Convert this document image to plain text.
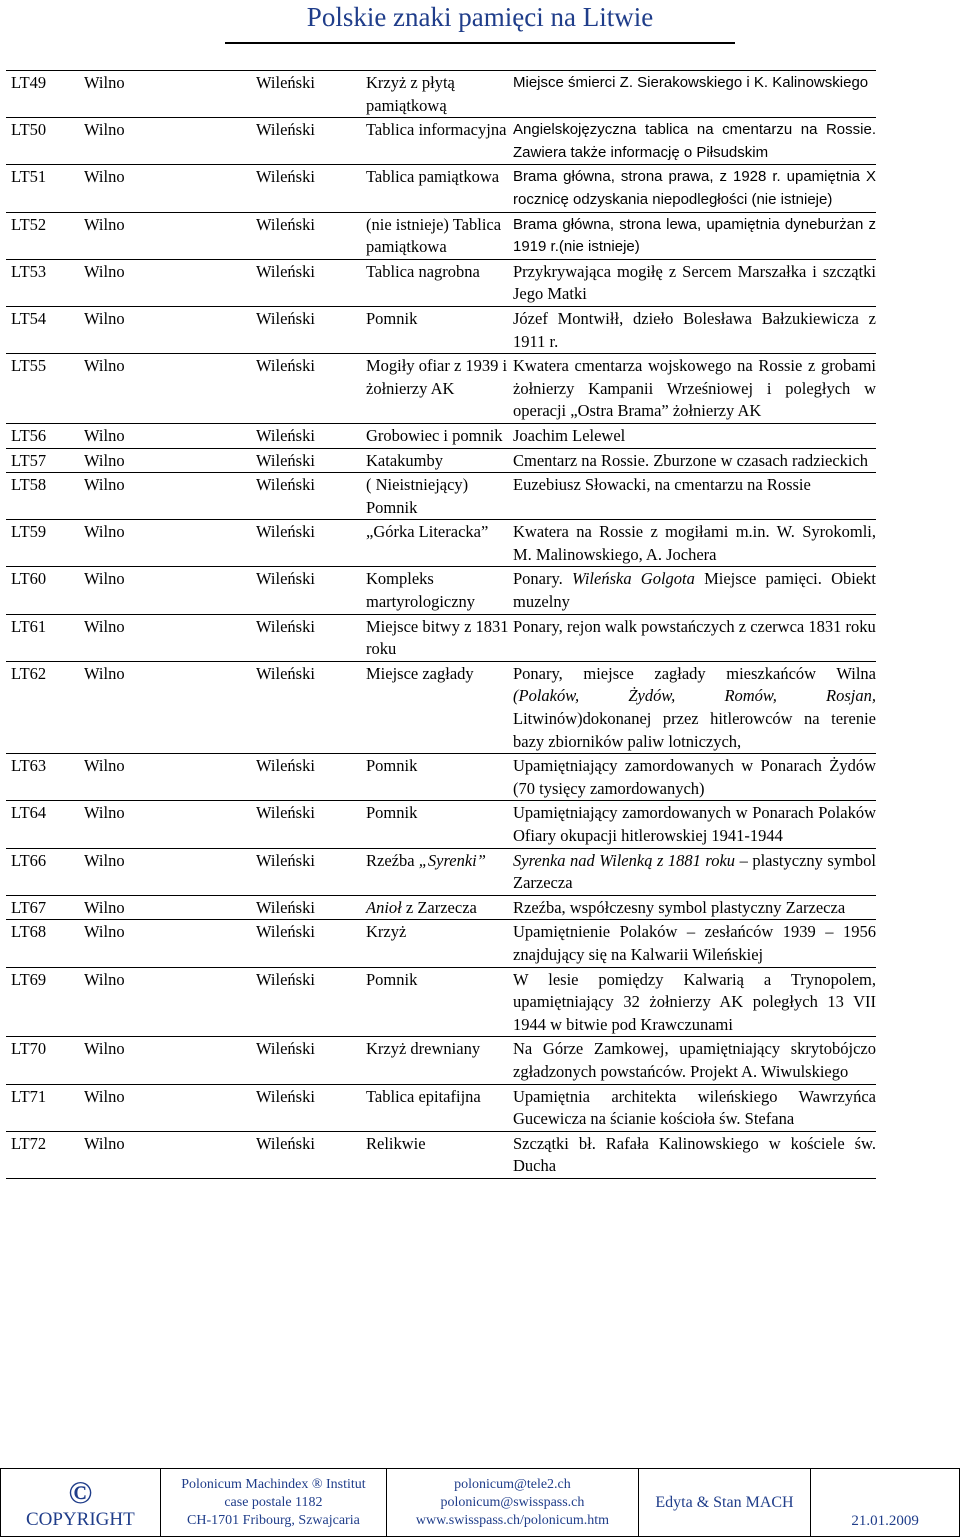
Polskie znaki pamięci na Litwie
LT49	Wilno	Wileński	Krzyż z płytą pamiątkową	Miejsce śmierci Z. Sierakowskiego i K. Kalinowskiego
LT50	Wilno	Wileński	Tablica informacyjna	Angielskojęzyczna tablica na cmentarzu na Rossie. Zawiera także informację o Piłsudskim
LT51	Wilno	Wileński	Tablica pamiątkowa	Brama główna, strona prawa, z 1928 r. upamiętnia X rocznicę odzyskania niepodległości (nie istnieje)
LT52	Wilno	Wileński	(nie istnieje) Tablica pamiątkowa	Brama główna, strona lewa, upamiętnia dyneburżan z 1919 r.(nie istnieje)
LT53	Wilno	Wileński	Tablica nagrobna	Przykrywająca mogiłę z Sercem Marszałka i szczątki Jego Matki
LT54	Wilno	Wileński	Pomnik	Józef Montwiłł, dzieło Bolesława Bałzukiewicza z 1911 r.
LT55	Wilno	Wileński	Mogiły ofiar z 1939 i żołnierzy AK	Kwatera cmentarza wojskowego na Rossie z grobami żołnierzy Kampanii Wrześniowej i poległych w operacji „Ostra Brama” żołnierzy AK
LT56	Wilno	Wileński	Grobowiec i pomnik	Joachim Lelewel
LT57	Wilno	Wileński	Katakumby	Cmentarz na Rossie. Zburzone w czasach radzieckich
LT58	Wilno	Wileński	( Nieistniejący) Pomnik	Euzebiusz Słowacki, na cmentarzu na Rossie
LT59	Wilno	Wileński	„Górka Literacka”	Kwatera na Rossie z mogiłami m.in. W. Syrokomli, M. Malinowskiego, A. Jochera
LT60	Wilno	Wileński	Kompleks martyrologiczny	Ponary. Wileńska Golgota Miejsce pamięci. Obiekt muzelny
LT61	Wilno	Wileński	Miejsce bitwy z 1831 roku	Ponary, rejon walk powstańczych z czerwca 1831 roku
LT62	Wilno	Wileński	Miejsce zagłady	Ponary, miejsce zagłady mieszkańców Wilna (Polaków, Żydów, Romów, Rosjan, Litwinów)dokonanej przez hitlerowców na terenie bazy zbiorników paliw lotniczych,
LT63	Wilno	Wileński	Pomnik	Upamiętniający zamordowanych w Ponarach Żydów (70 tysięcy zamordowanych)
LT64	Wilno	Wileński	Pomnik	Upamiętniający zamordowanych w Ponarach Polaków Ofiary okupacji hitlerowskiej 1941-1944
LT66	Wilno	Wileński	Rzeźba „Syrenki”	Syrenka nad Wilenką z 1881 roku – plastyczny symbol Zarzecza
LT67	Wilno	Wileński	Anioł z Zarzecza	Rzeźba, współczesny symbol plastyczny Zarzecza
LT68	Wilno	Wileński	Krzyż	Upamiętnienie Polaków – zesłańców 1939 – 1956 znajdujący się na Kalwarii Wileńskiej
LT69	Wilno	Wileński	Pomnik	W lesie pomiędzy Kalwarią a Trynopolem, upamiętniający 32 żołnierzy AK poległych 13 VII 1944 w bitwie pod Krawczunami
LT70	Wilno	Wileński	Krzyż drewniany	Na Górze Zamkowej, upamiętniający skrytobójczo zgładzonych powstańców. Projekt A. Wiwulskiego
LT71	Wilno	Wileński	Tablica epitafijna	Upamiętnia architekta wileńskiego Wawrzyńca Gucewicza na ścianie kościoła św. Stefana
LT72	Wilno	Wileński	Relikwie	Szczątki bł. Rafała Kalinowskiego w kościele św. Ducha
©
COPYRIGHT
Polonicum Machindex ® Institut
case postale 1182
CH-1701 Fribourg, Szwajcaria
polonicum@tele2.ch
polonicum@swisspass.ch
www.swisspass.ch/polonicum.htm
Edyta & Stan MACH
21.01.2009
